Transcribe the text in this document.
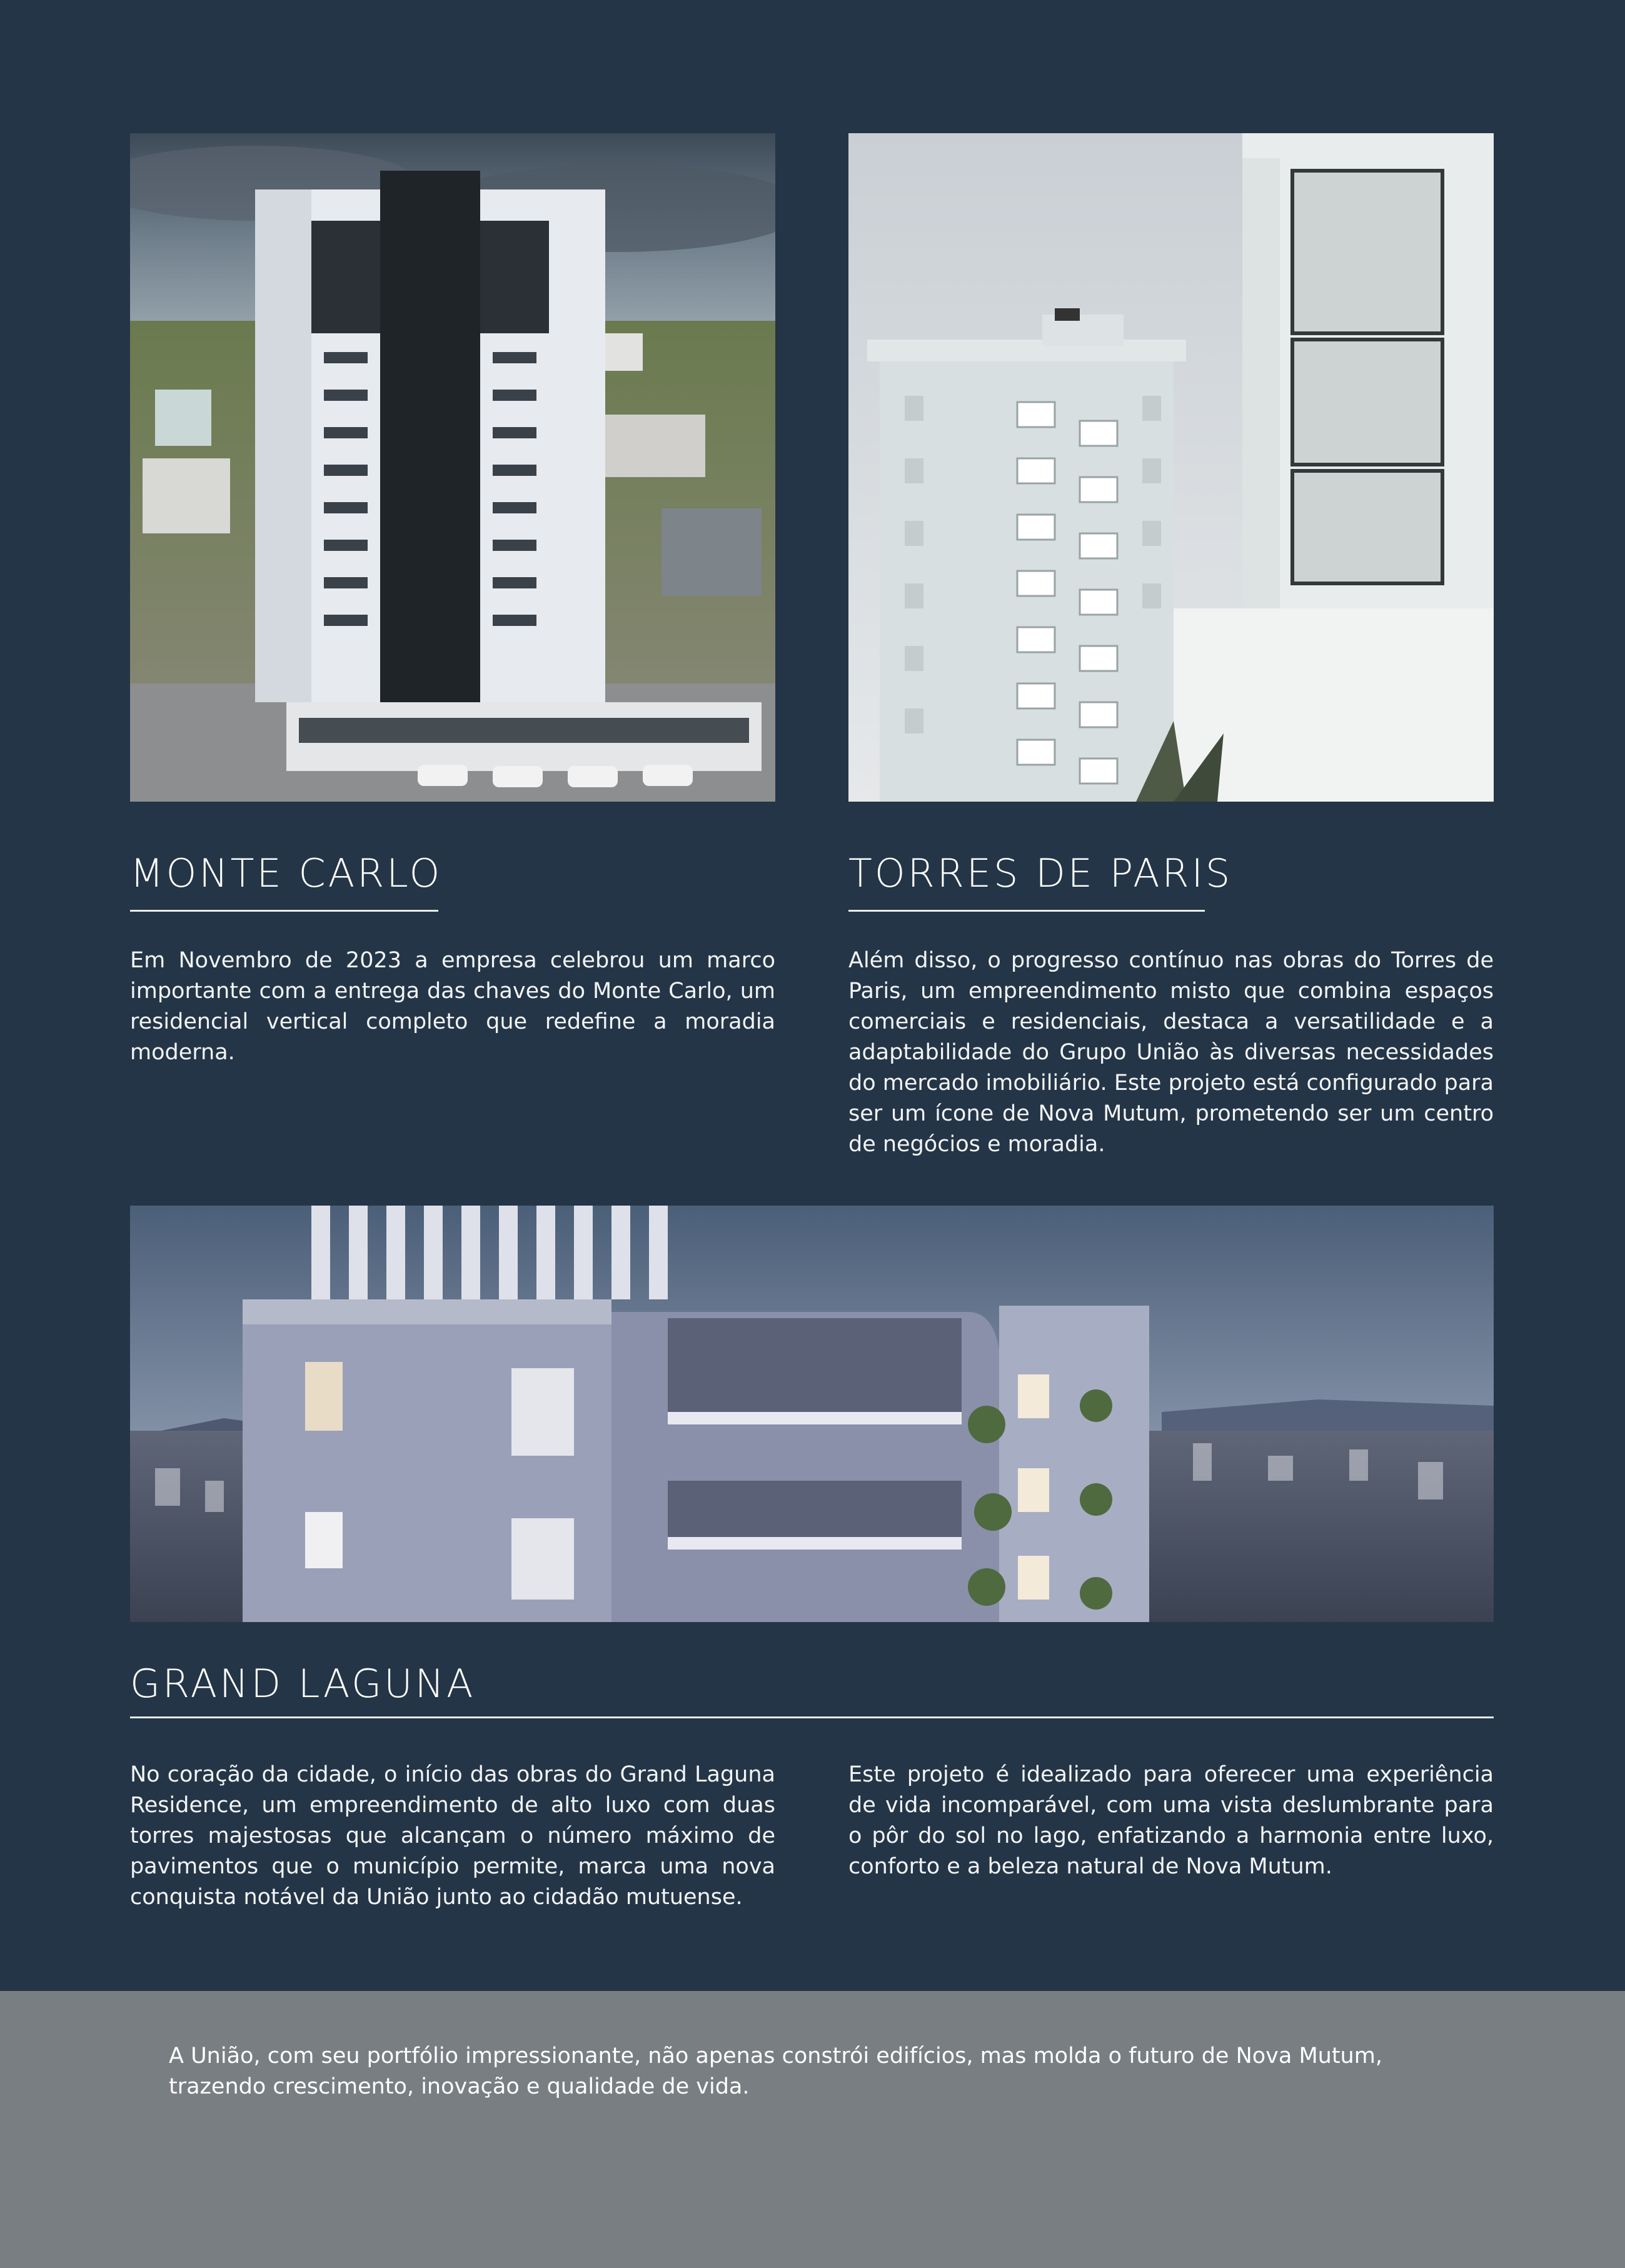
MONTE CARLO	TORRES DE PARIS

Em Novembro de 2023 a empresa celebrou um marco importante com a entrega das chaves do Monte Carlo, um residencial vertical completo que redefine a moradia moderna.

Além disso, o progresso contínuo nas obras do Torres de Paris, um empreendimento misto que combina espaços comerciais e residenciais, destaca a versatilidade e a adaptabilidade do Grupo União às diversas necessidades do mercado imobiliário. Este projeto está configurado para ser um ícone de Nova Mutum, prometendo ser um centro de negócios e moradia.

GRAND LAGUNA

No coração da cidade, o início das obras do Grand Laguna Residence, um empreendimento de alto luxo com duas torres majestosas que alcançam o número máximo de pavimentos que o município permite, marca uma nova conquista notável da União junto ao cidadão mutuense.

Este projeto é idealizado para oferecer uma experiência de vida incomparável, com uma vista deslumbrante para o pôr do sol no lago, enfatizando a harmonia entre luxo, conforto e a beleza natural de Nova Mutum.

A União, com seu portfólio impressionante, não apenas constrói edifícios, mas molda o futuro de Nova Mutum, trazendo crescimento, inovação e qualidade de vida.
